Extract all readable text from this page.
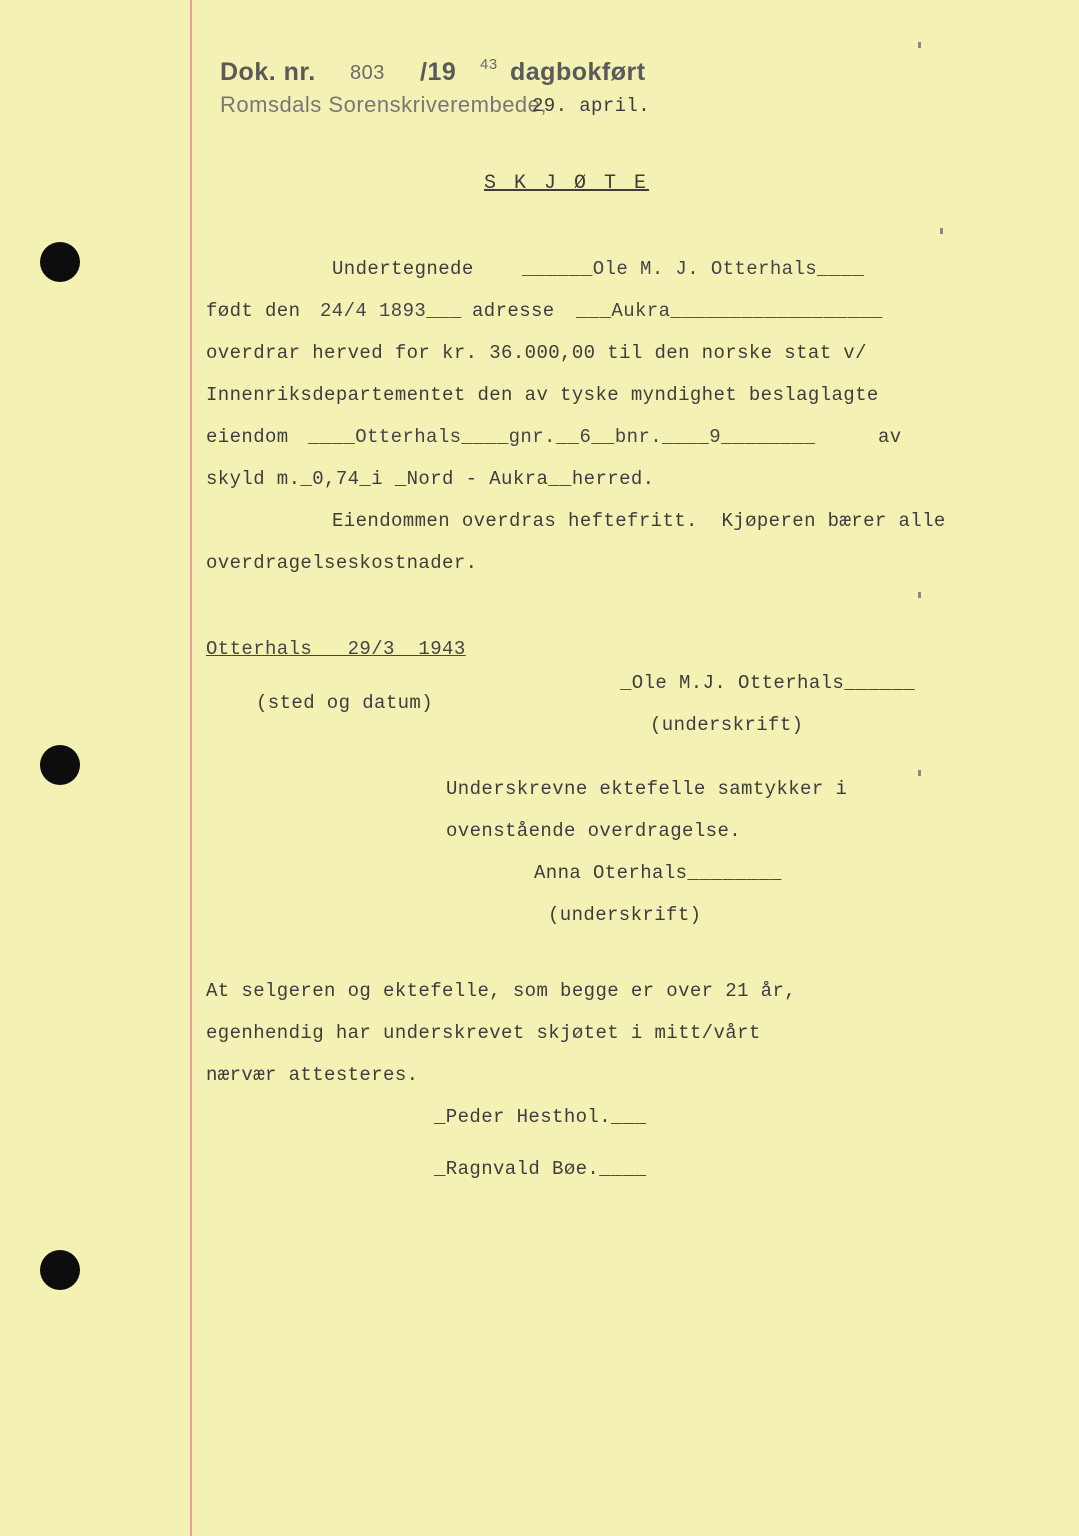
Dok. nr. 803 /19 43 dagbokført
Romsdals Sorenskriverembede,
29. april.
S K J Ø T E
Undertegnede	______Ole M. J. Otterhals____
født den 24/4 1893___ adresse ___Aukra__________________
overdrar herved for kr. 36.000,00 til den norske stat v/
Innenriksdepartementet den av tyske myndighet beslaglagte
eiendom ____Otterhals____gnr.__6__bnr.____9________	av
skyld m._0,74_i _Nord - Aukra__herred.
Eiendommen overdras heftefritt.  Kjøperen bærer alle
overdragelseskostnader.
Otterhals___29/3__1943
_Ole M.J. Otterhals______
(sted og datum)
(underskrift)
Underskrevne ektefelle samtykker i
ovenstående overdragelse.
Anna Oterhals________
(underskrift)
At selgeren og ektefelle, som begge er over 21 år,
egenhendig har underskrevet skjøtet i mitt/vårt
nærvær attesteres.
_Peder Hesthol.___
_Ragnvald Bøe.____
